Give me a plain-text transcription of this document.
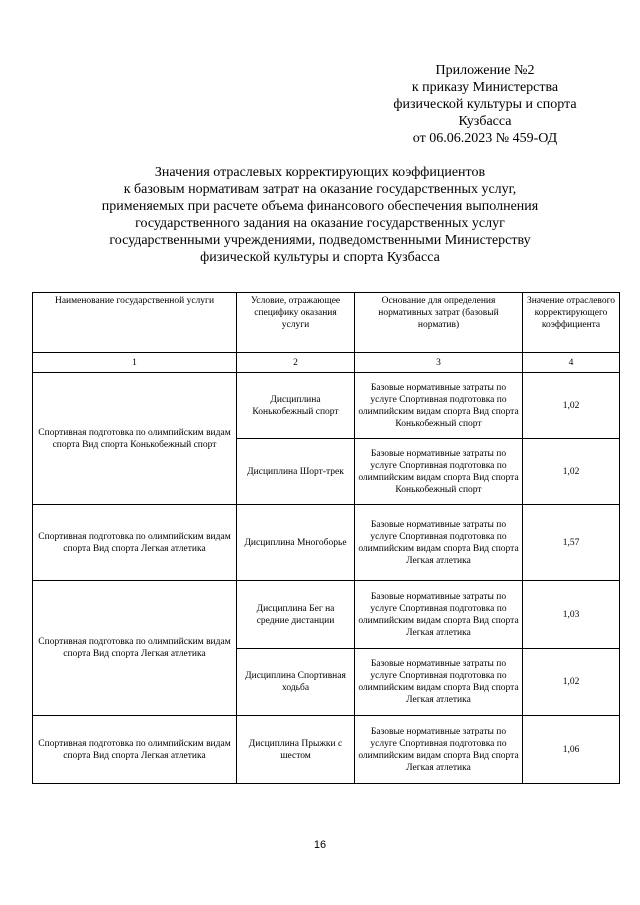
Приложение №2
к приказу Министерства
физической культуры и спорта
Кузбасса
от 06.06.2023 № 459-ОД
Значения отраслевых корректирующих коэффициентов
к базовым нормативам затрат на оказание государственных услуг,
применяемых при расчете объема финансового обеспечения выполнения
государственного задания на оказание государственных услуг
государственными учреждениями, подведомственными Министерству
физической культуры и спорта Кузбасса
Наименование государственной услуги	Условие, отражающее специфику оказания услуги	Основание для определения нормативных затрат (базовый норматив)	Значение отраслевого корректирующего коэффициента
1	2	3	4
Спортивная подготовка по олимпийским видам спорта Вид спорта Конькобежный спорт	Дисциплина Конькобежный спорт	Базовые нормативные затраты по услуге Спортивная подготовка по олимпийским видам спорта Вид спорта Конькобежный спорт	1,02
	Дисциплина Шорт-трек	Базовые нормативные затраты по услуге Спортивная подготовка по олимпийским видам спорта Вид спорта Конькобежный спорт	1,02
Спортивная подготовка по олимпийским видам спорта Вид спорта Легкая атлетика	Дисциплина Многоборье	Базовые нормативные затраты по услуге Спортивная подготовка по олимпийским видам спорта Вид спорта Легкая атлетика	1,57
Спортивная подготовка по олимпийским видам спорта Вид спорта Легкая атлетика	Дисциплина Бег на средние дистанции	Базовые нормативные затраты по услуге Спортивная подготовка по олимпийским видам спорта Вид спорта Легкая атлетика	1,03
	Дисциплина Спортивная ходьба	Базовые нормативные затраты по услуге Спортивная подготовка по олимпийским видам спорта Вид спорта Легкая атлетика	1,02
Спортивная подготовка по олимпийским видам спорта Вид спорта Легкая атлетика	Дисциплина Прыжки с шестом	Базовые нормативные затраты по услуге Спортивная подготовка по олимпийским видам спорта Вид спорта Легкая атлетика	1,06
16
